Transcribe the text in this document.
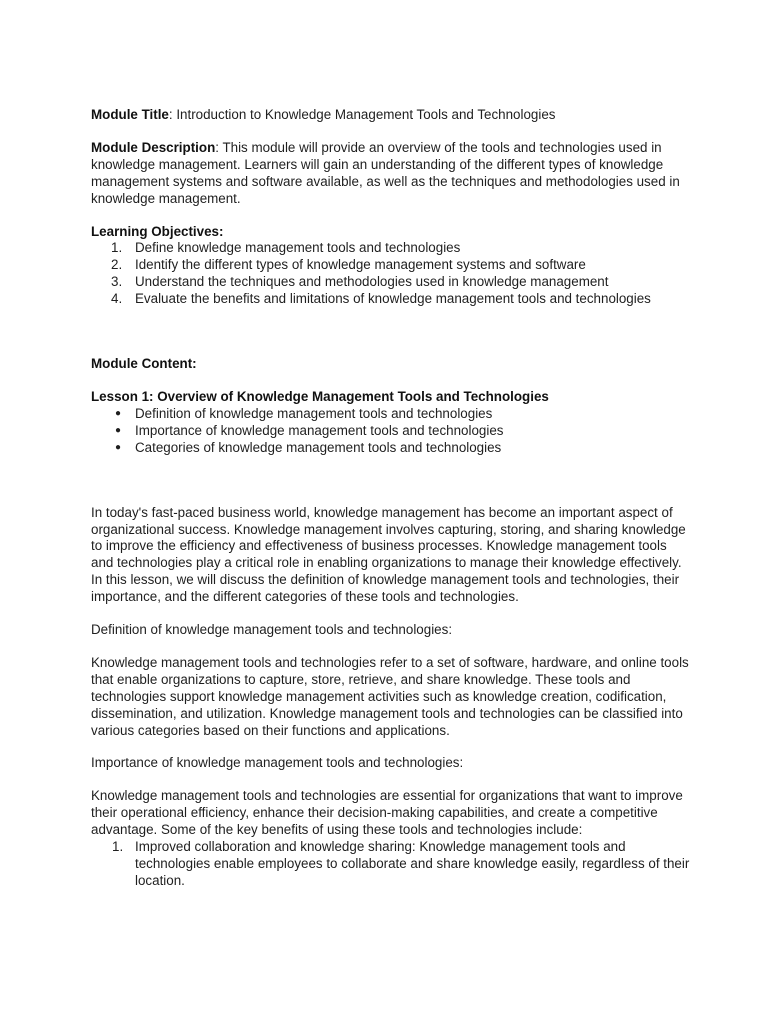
Module Title: Introduction to Knowledge Management Tools and Technologies

Module Description: This module will provide an overview of the tools and technologies used in knowledge management. Learners will gain an understanding of the different types of knowledge management systems and software available, as well as the techniques and methodologies used in knowledge management.

Learning Objectives:

1. Define knowledge management tools and technologies
2. Identify the different types of knowledge management systems and software
3. Understand the techniques and methodologies used in knowledge management
4. Evaluate the benefits and limitations of knowledge management tools and technologies

Module Content:

Lesson 1: Overview of Knowledge Management Tools and Technologies

● Definition of knowledge management tools and technologies
● Importance of knowledge management tools and technologies
● Categories of knowledge management tools and technologies

In today's fast-paced business world, knowledge management has become an important aspect of organizational success. Knowledge management involves capturing, storing, and sharing knowledge to improve the efficiency and effectiveness of business processes. Knowledge management tools and technologies play a critical role in enabling organizations to manage their knowledge effectively. In this lesson, we will discuss the definition of knowledge management tools and technologies, their importance, and the different categories of these tools and technologies.

Definition of knowledge management tools and technologies:

Knowledge management tools and technologies refer to a set of software, hardware, and online tools that enable organizations to capture, store, retrieve, and share knowledge. These tools and technologies support knowledge management activities such as knowledge creation, codification, dissemination, and utilization. Knowledge management tools and technologies can be classified into various categories based on their functions and applications.

Importance of knowledge management tools and technologies:

Knowledge management tools and technologies are essential for organizations that want to improve their operational efficiency, enhance their decision-making capabilities, and create a competitive advantage. Some of the key benefits of using these tools and technologies include:

1. Improved collaboration and knowledge sharing: Knowledge management tools and technologies enable employees to collaborate and share knowledge easily, regardless of their location.
